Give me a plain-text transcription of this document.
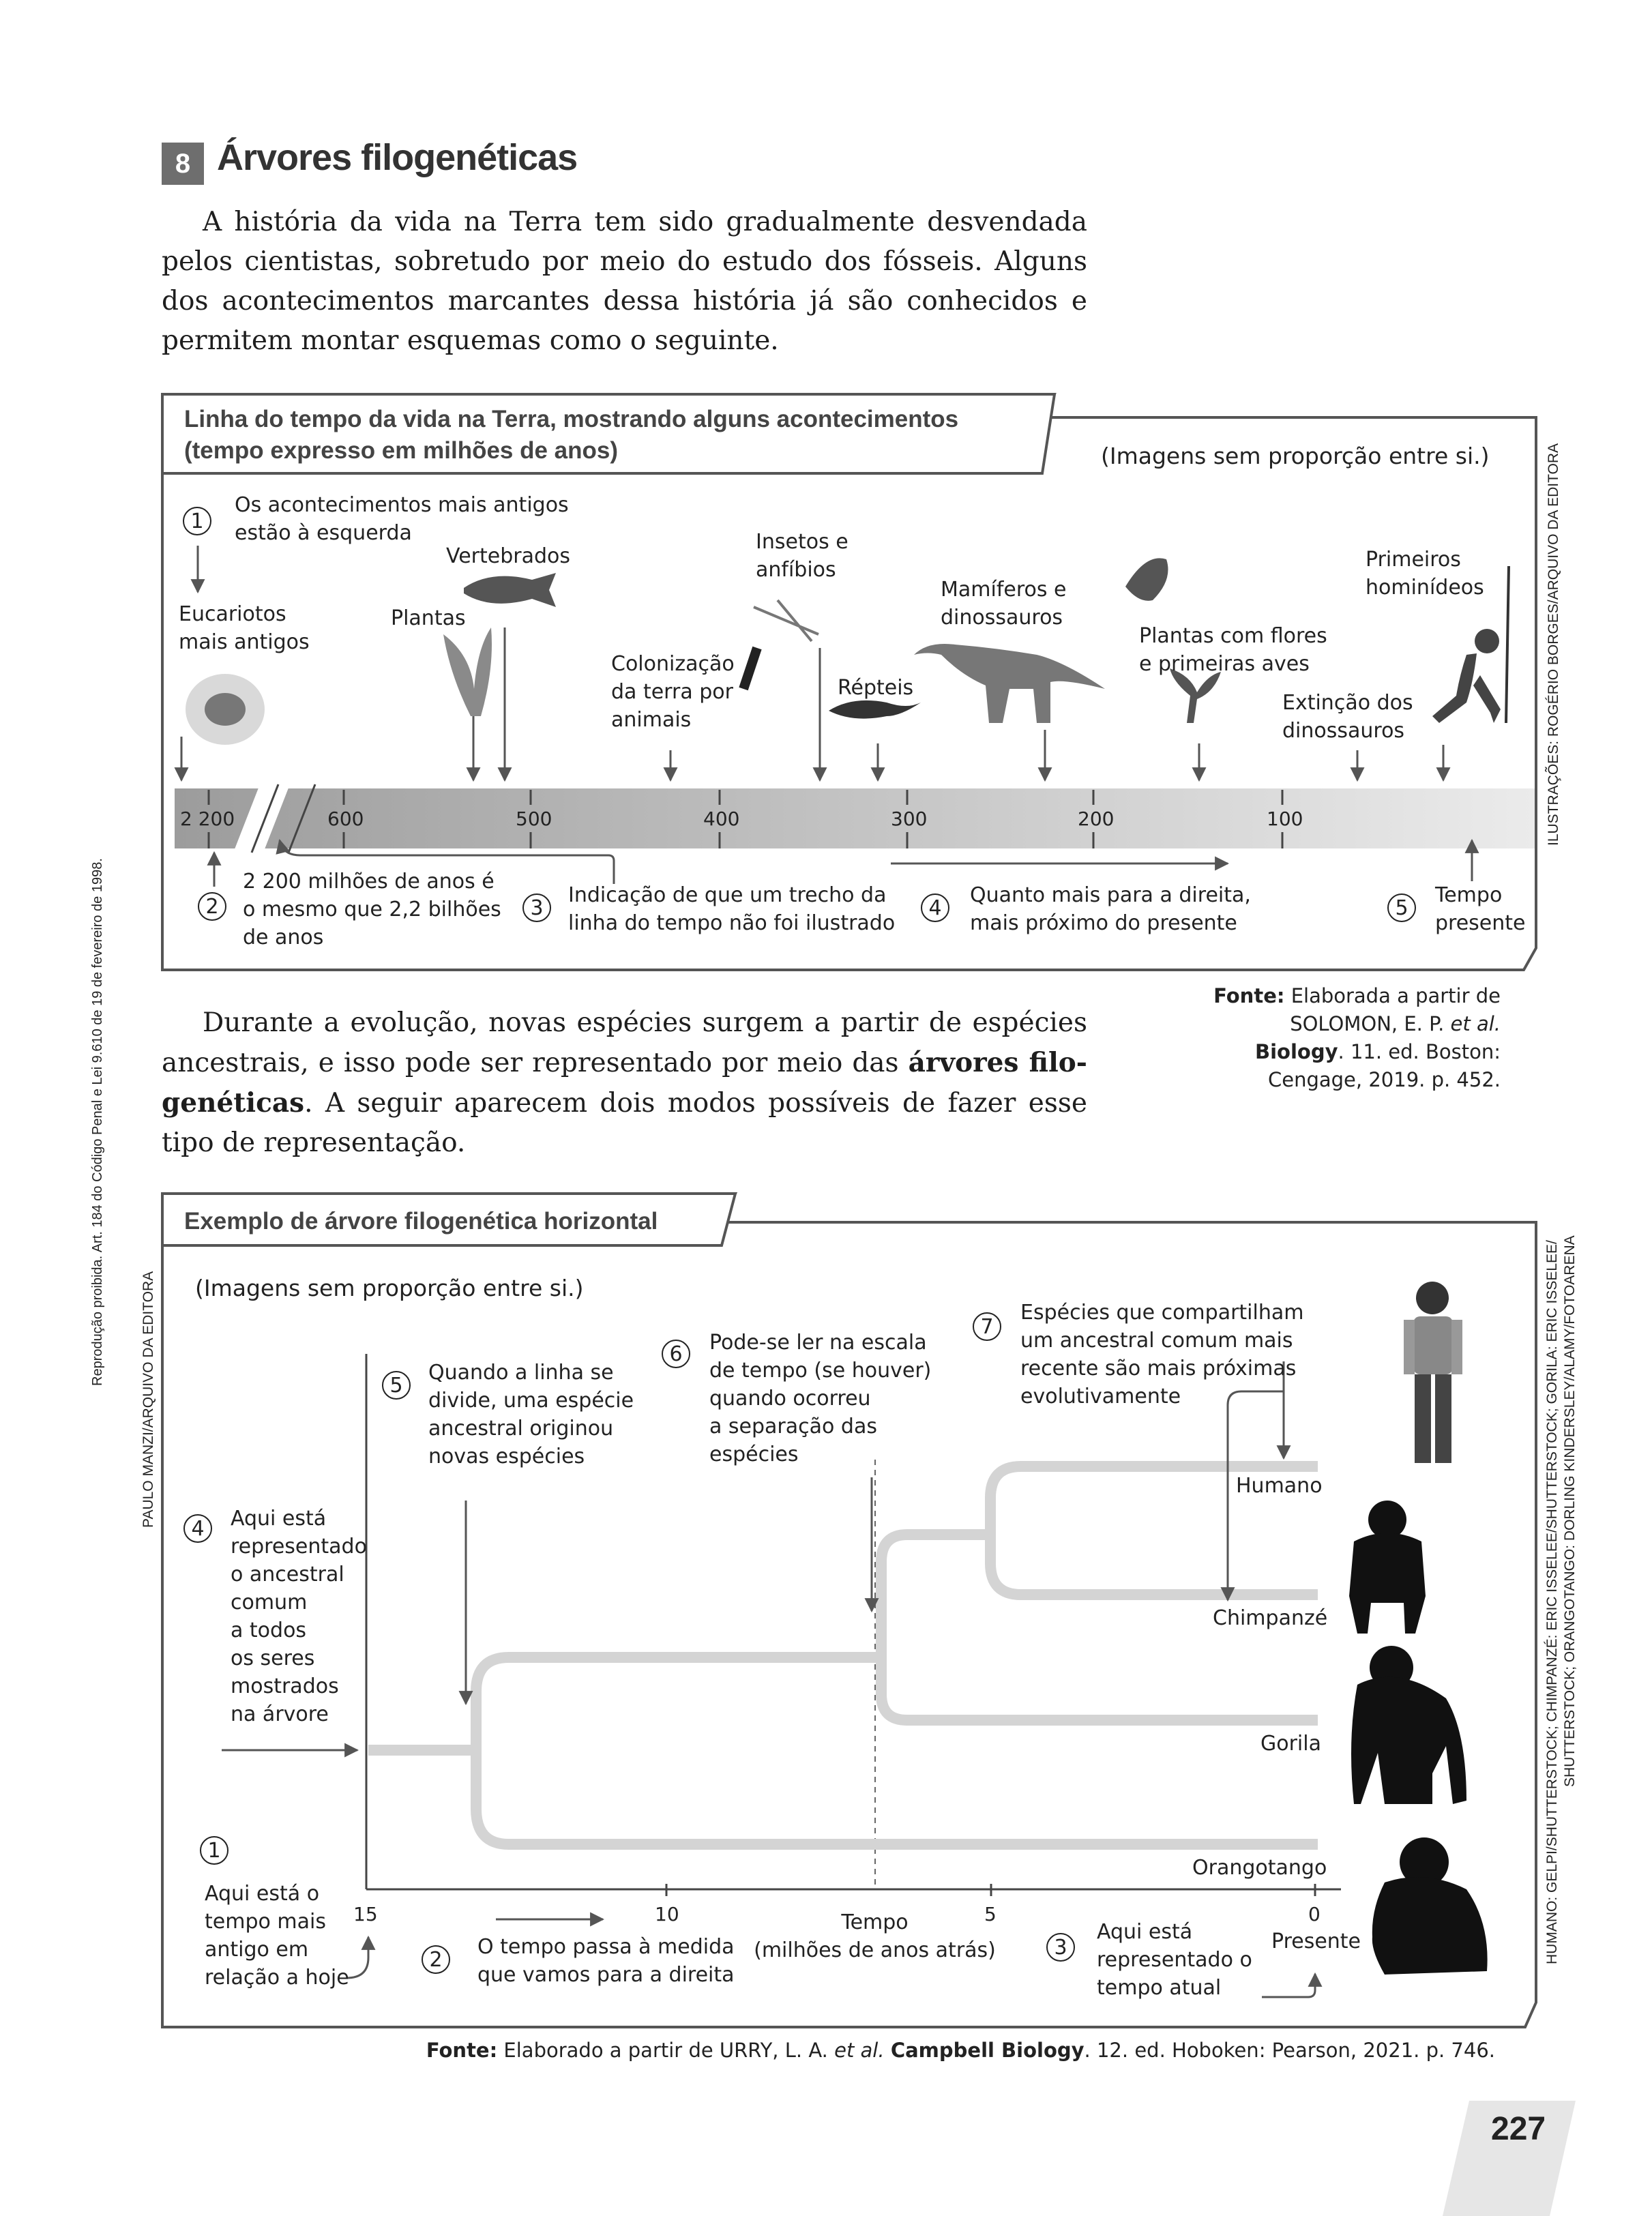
8 Árvores filogenéticas
A história da vida na Terra tem sido gradualmente desvendada
pelos cientistas, sobretudo por meio do estudo dos fósseis. Alguns
dos acontecimentos marcantes dessa história já são conhecidos e
permitem montar esquemas como o seguinte.
Linha do tempo da vida na Terra, mostrando alguns acontecimentos
(tempo expresso em milhões de anos)	(Imagens sem proporção entre si.)
1
Os acontecimentos mais antigos
estão à esquerda
Eucariotos
mais antigos
Plantas
Vertebrados
Colonização
da terra por
animais
Insetos e
anfíbios
Répteis
Mamíferos e
dinossauros
Plantas com flores
e primeiras aves
Extinção dos
dinossauros
Primeiros
hominídeos
2 200	600	500	400	300	200	100
2
2 200 milhões de anos é
o mesmo que 2,2 bilhões
de anos
3
Indicação de que um trecho da
linha do tempo não foi ilustrado
4
Quanto mais para a direita,
mais próximo do presente
5
Tempo
presente
ILUSTRAÇÕES: ROGÉRIO BORGES/ARQUIVO DA EDITORA
Fonte: Elaborada a partir de
SOLOMON, E. P. et al.
Biology. 11. ed. Boston:
Cengage, 2019. p. 452.
Durante a evolução, novas espécies surgem a partir de espécies
ancestrais, e isso pode ser representado por meio das árvores filo-
genéticas. A seguir aparecem dois modos possíveis de fazer esse
tipo de representação.
Exemplo de árvore filogenética horizontal
(Imagens sem proporção entre si.)
Humano
Chimpanzé
Gorila
Orangotango
15	10	5	0
Presente
Tempo
(milhões de anos atrás)
1
Aqui está o
tempo mais
antigo em
relação a hoje
2
O tempo passa à medida
que vamos para a direita
3
Aqui está
representado o
tempo atual
4	Aqui está
representado
o ancestral
comum
a todos
os seres
mostrados
na árvore
5
Quando a linha se
divide, uma espécie
ancestral originou
novas espécies
6	Pode-se ler na escala
de tempo (se houver)
quando ocorreu
a separação das
espécies
7
Espécies que compartilham
um ancestral comum mais
recente são mais próximas
evolutivamente	HUMANO: GELPI/SHUTTERSTOCK; CHIMPANZÉ: ERIC ISSELEE/SHUTTERSTOCK; GORILA: ERIC ISSELEE/ SHUTTERSTOCK; ORANGOTANGO: DORLING KINDERSLEY/ALAMY/FOTOARENA
PAULO MANZI/ARQUIVO DA EDITORA
Fonte: Elaborado a partir de URRY, L. A. et al. Campbell Biology. 12. ed. Hoboken: Pearson, 2021. p. 746.
Reprodução proibida. Art. 184 do Código Penal e Lei 9.610 de 19 de fevereiro de 1998.
227
